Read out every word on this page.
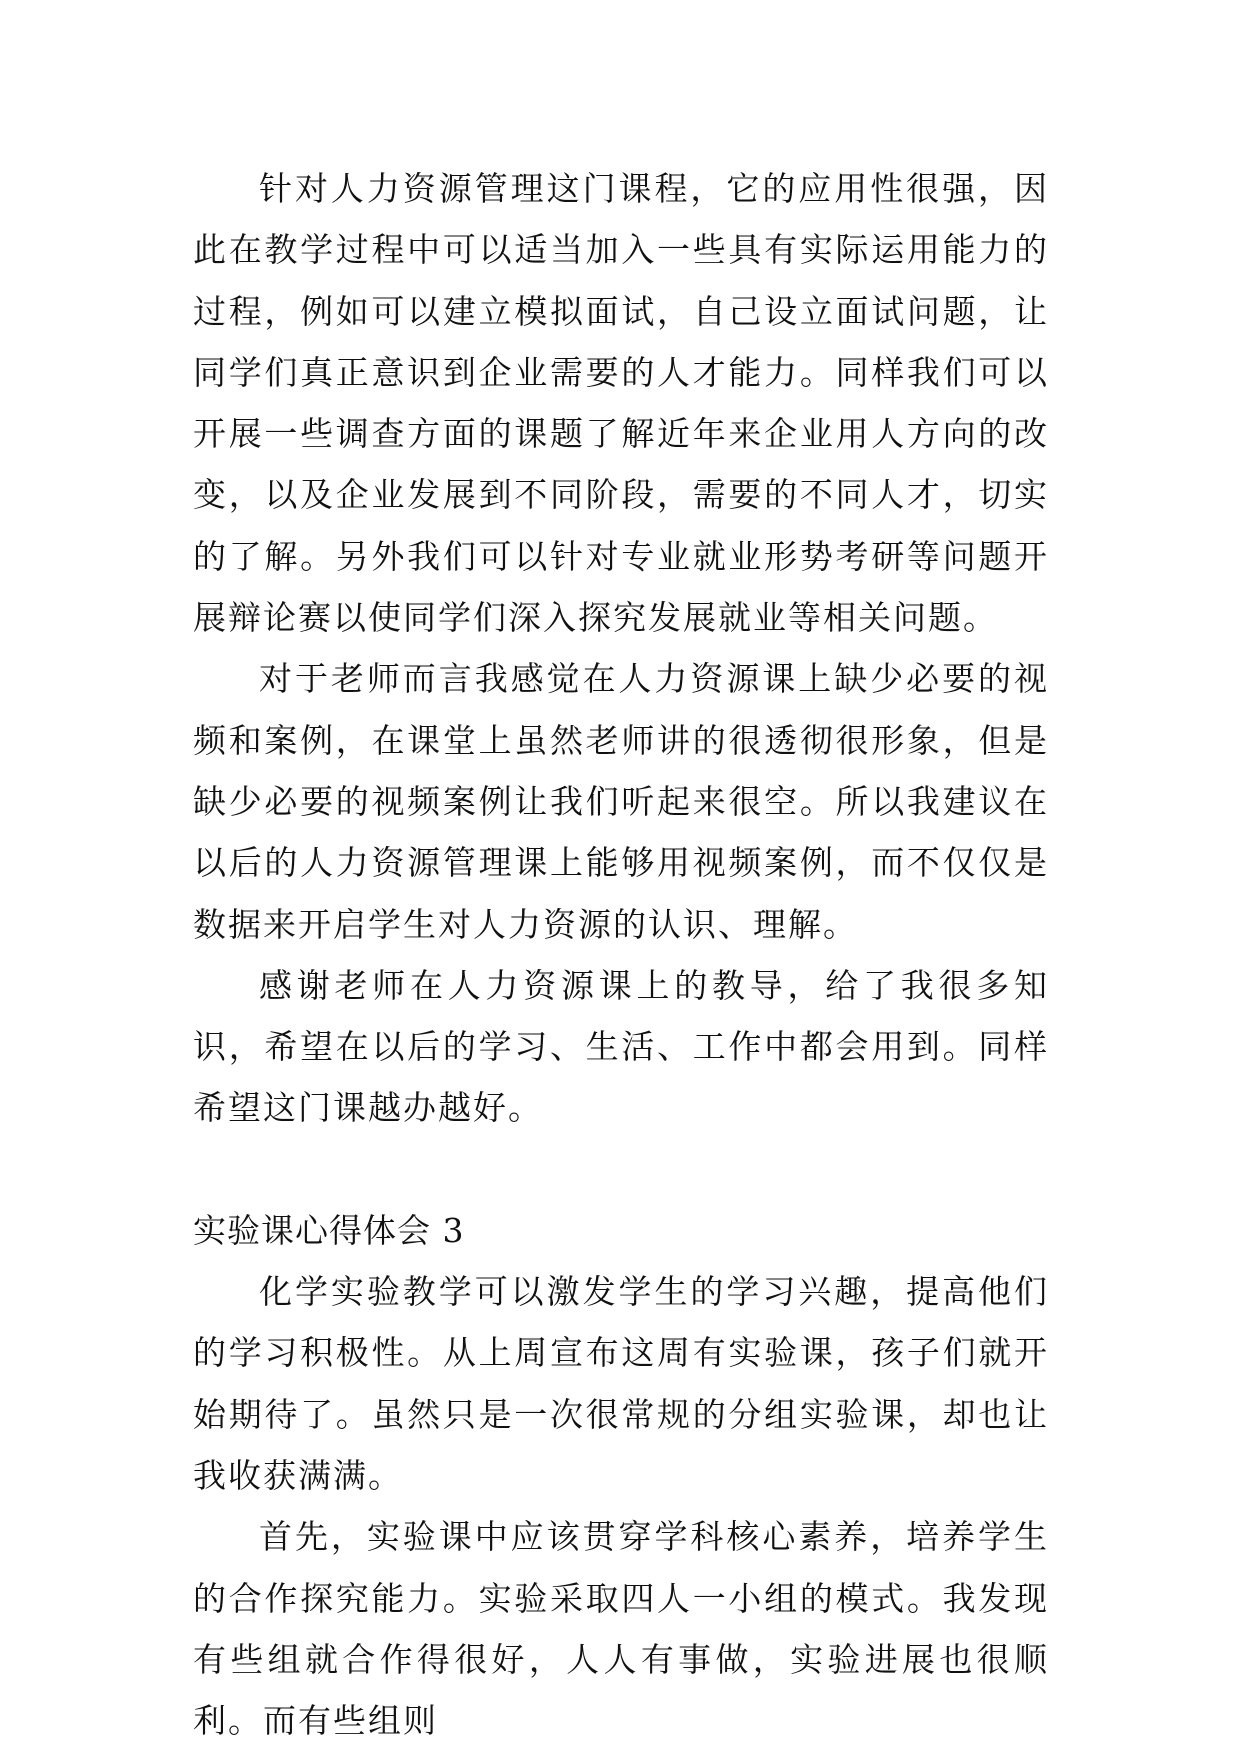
针对人力资源管理这门课程，它的应用性很强，因此在教学过程中可以适当加入一些具有实际运用能力的过程，例如可以建立模拟面试，自己设立面试问题，让同学们真正意识到企业需要的人才能力。同样我们可以开展一些调查方面的课题了解近年来企业用人方向的改变，以及企业发展到不同阶段，需要的不同人才，切实的了解。另外我们可以针对专业就业形势考研等问题开展辩论赛以使同学们深入探究发展就业等相关问题。

对于老师而言我感觉在人力资源课上缺少必要的视频和案例，在课堂上虽然老师讲的很透彻很形象，但是缺少必要的视频案例让我们听起来很空。所以我建议在以后的人力资源管理课上能够用视频案例，而不仅仅是数据来开启学生对人力资源的认识、理解。

感谢老师在人力资源课上的教导，给了我很多知识，希望在以后的学习、生活、工作中都会用到。同样希望这门课越办越好。

实验课心得体会 3

化学实验教学可以激发学生的学习兴趣，提高他们的学习积极性。从上周宣布这周有实验课，孩子们就开始期待了。虽然只是一次很常规的分组实验课，却也让我收获满满。

首先，实验课中应该贯穿学科核心素养，培养学生的合作探究能力。实验采取四人一小组的模式。我发现有些组就合作得很好，人人有事做，实验进展也很顺利。而有些组则
